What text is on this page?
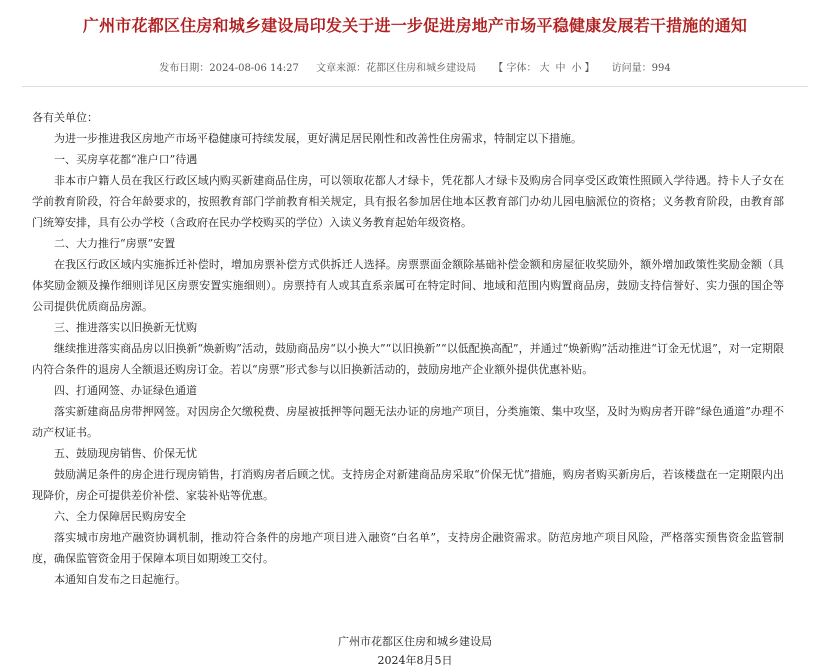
广州市花都区住房和城乡建设局印发关于进一步促进房地产市场平稳健康发展若干措施的通知
发布日期：2024-08-06 14:27 文章来源：花都区住房和城乡建设局 【 字体： 大 中 小 】 访问量：994

各有关单位：

为进一步推进我区房地产市场平稳健康可持续发展，更好满足居民刚性和改善性住房需求，特制定以下措施。

一、买房享花都“准户口”待遇

非本市户籍人员在我区行政区域内购买新建商品住房，可以领取花都人才绿卡，凭花都人才绿卡及购房合同享受区政策性照顾入学待遇。持卡人子女在学前教育阶段，符合年龄要求的，按照教育部门学前教育相关规定，具有报名参加居住地本区教育部门办幼儿园电脑派位的资格；义务教育阶段，由教育部门统筹安排，具有公办学校（含政府在民办学校购买的学位）入读义务教育起始年级资格。

二、大力推行“房票”安置

在我区行政区域内实施拆迁补偿时，增加房票补偿方式供拆迁人选择。房票票面金额除基础补偿金额和房屋征收奖励外，额外增加政策性奖励金额（具体奖励金额及操作细则详见区房票安置实施细则）。房票持有人或其直系亲属可在特定时间、地域和范围内购置商品房，鼓励支持信誉好、实力强的国企等公司提供优质商品房源。

三、推进落实以旧换新无忧购

继续推进落实商品房以旧换新“焕新购”活动，鼓励商品房“以小换大”“以旧换新”“以低配换高配”，并通过“焕新购”活动推进“订金无忧退”，对一定期限内符合条件的退房人全额退还购房订金。若以“房票”形式参与以旧换新活动的，鼓励房地产企业额外提供优惠补贴。

四、打通网签、办证绿色通道

落实新建商品房带押网签。对因房企欠缴税费、房屋被抵押等问题无法办证的房地产项目，分类施策、集中攻坚，及时为购房者开辟“绿色通道”办理不动产权证书。

五、鼓励现房销售、价保无忧

鼓励满足条件的房企进行现房销售，打消购房者后顾之忧。支持房企对新建商品房采取“价保无忧”措施，购房者购买新房后，若该楼盘在一定期限内出现降价，房企可提供差价补偿、家装补贴等优惠。

六、全力保障居民购房安全

落实城市房地产融资协调机制，推动符合条件的房地产项目进入融资“白名单”，支持房企融资需求。防范房地产项目风险，严格落实预售资金监管制度，确保监管资金用于保障本项目如期竣工交付。

本通知自发布之日起施行。

广州市花都区住房和城乡建设局
2024年8月5日
